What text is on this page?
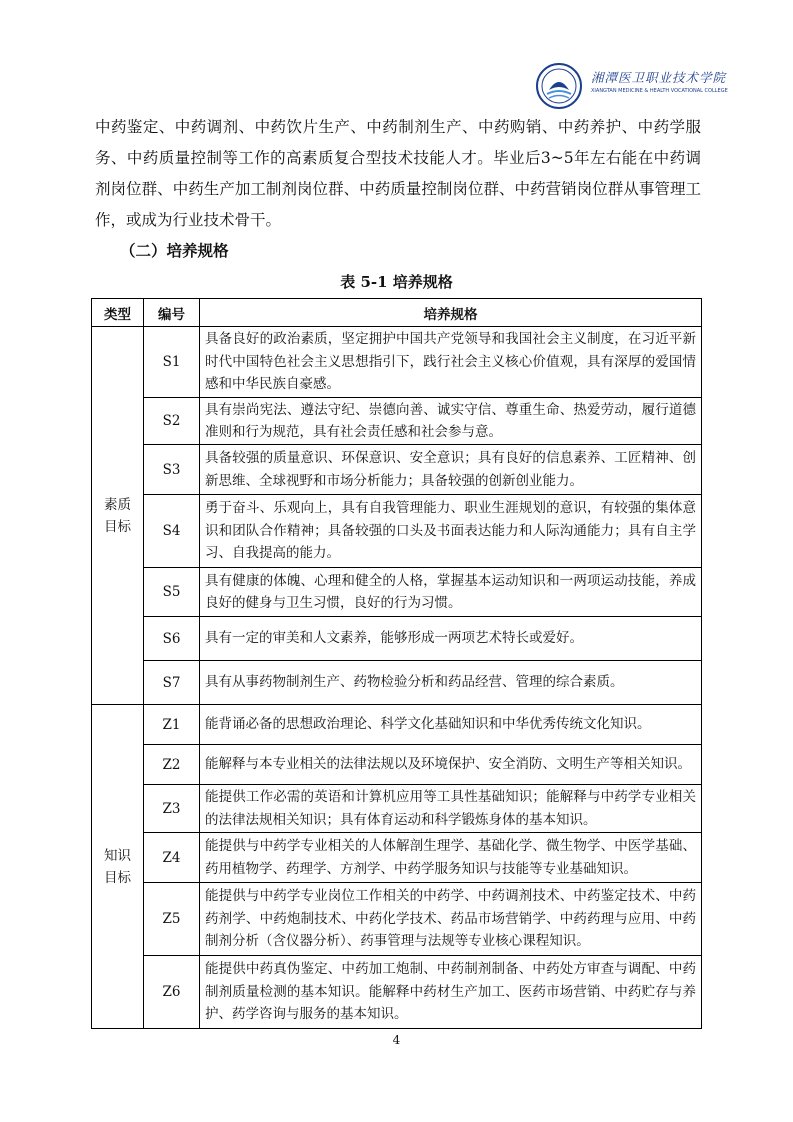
湘潭医卫职业技术学院
XIANGTAN MEDICINE & HEALTH VOCATIONAL COLLEGE

中药鉴定、中药调剂、中药饮片生产、中药制剂生产、中药购销、中药养护、中药学服务、中药质量控制等工作的高素质复合型技术技能人才。毕业后3~5年左右能在中药调剂岗位群、中药生产加工制剂岗位群、中药质量控制岗位群、中药营销岗位群从事管理工作，或成为行业技术骨干。

（二）培养规格

表 5-1 培养规格
类型	编号	培养规格
素质目标	S1	具备良好的政治素质，坚定拥护中国共产党领导和我国社会主义制度，在习近平新时代中国特色社会主义思想指引下，践行社会主义核心价值观，具有深厚的爱国情感和中华民族自豪感。
	S2	具有崇尚宪法、遵法守纪、崇德向善、诚实守信、尊重生命、热爱劳动，履行道德准则和行为规范，具有社会责任感和社会参与意。
	S3	具备较强的质量意识、环保意识、安全意识；具有良好的信息素养、工匠精神、创新思维、全球视野和市场分析能力；具备较强的创新创业能力。
	S4	勇于奋斗、乐观向上，具有自我管理能力、职业生涯规划的意识，有较强的集体意识和团队合作精神；具备较强的口头及书面表达能力和人际沟通能力；具有自主学习、自我提高的能力。
	S5	具有健康的体魄、心理和健全的人格，掌握基本运动知识和一两项运动技能，养成良好的健身与卫生习惯，良好的行为习惯。
	S6	具有一定的审美和人文素养，能够形成一两项艺术特长或爱好。
	S7	具有从事药物制剂生产、药物检验分析和药品经营、管理的综合素质。
知识目标	Z1	能背诵必备的思想政治理论、科学文化基础知识和中华优秀传统文化知识。
	Z2	能解释与本专业相关的法律法规以及环境保护、安全消防、文明生产等相关知识。
	Z3	能提供工作必需的英语和计算机应用等工具性基础知识；能解释与中药学专业相关的法律法规相关知识；具有体育运动和科学锻炼身体的基本知识。
	Z4	能提供与中药学专业相关的人体解剖生理学、基础化学、微生物学、中医学基础、药用植物学、药理学、方剂学、中药学服务知识与技能等专业基础知识。
	Z5	能提供与中药学专业岗位工作相关的中药学、中药调剂技术、中药鉴定技术、中药药剂学、中药炮制技术、中药化学技术、药品市场营销学、中药药理与应用、中药制剂分析（含仪器分析）、药事管理与法规等专业核心课程知识。
	Z6	能提供中药真伪鉴定、中药加工炮制、中药制剂制备、中药处方审查与调配、中药制剂质量检测的基本知识。能解释中药材生产加工、医药市场营销、中药贮存与养护、药学咨询与服务的基本知识。
4
